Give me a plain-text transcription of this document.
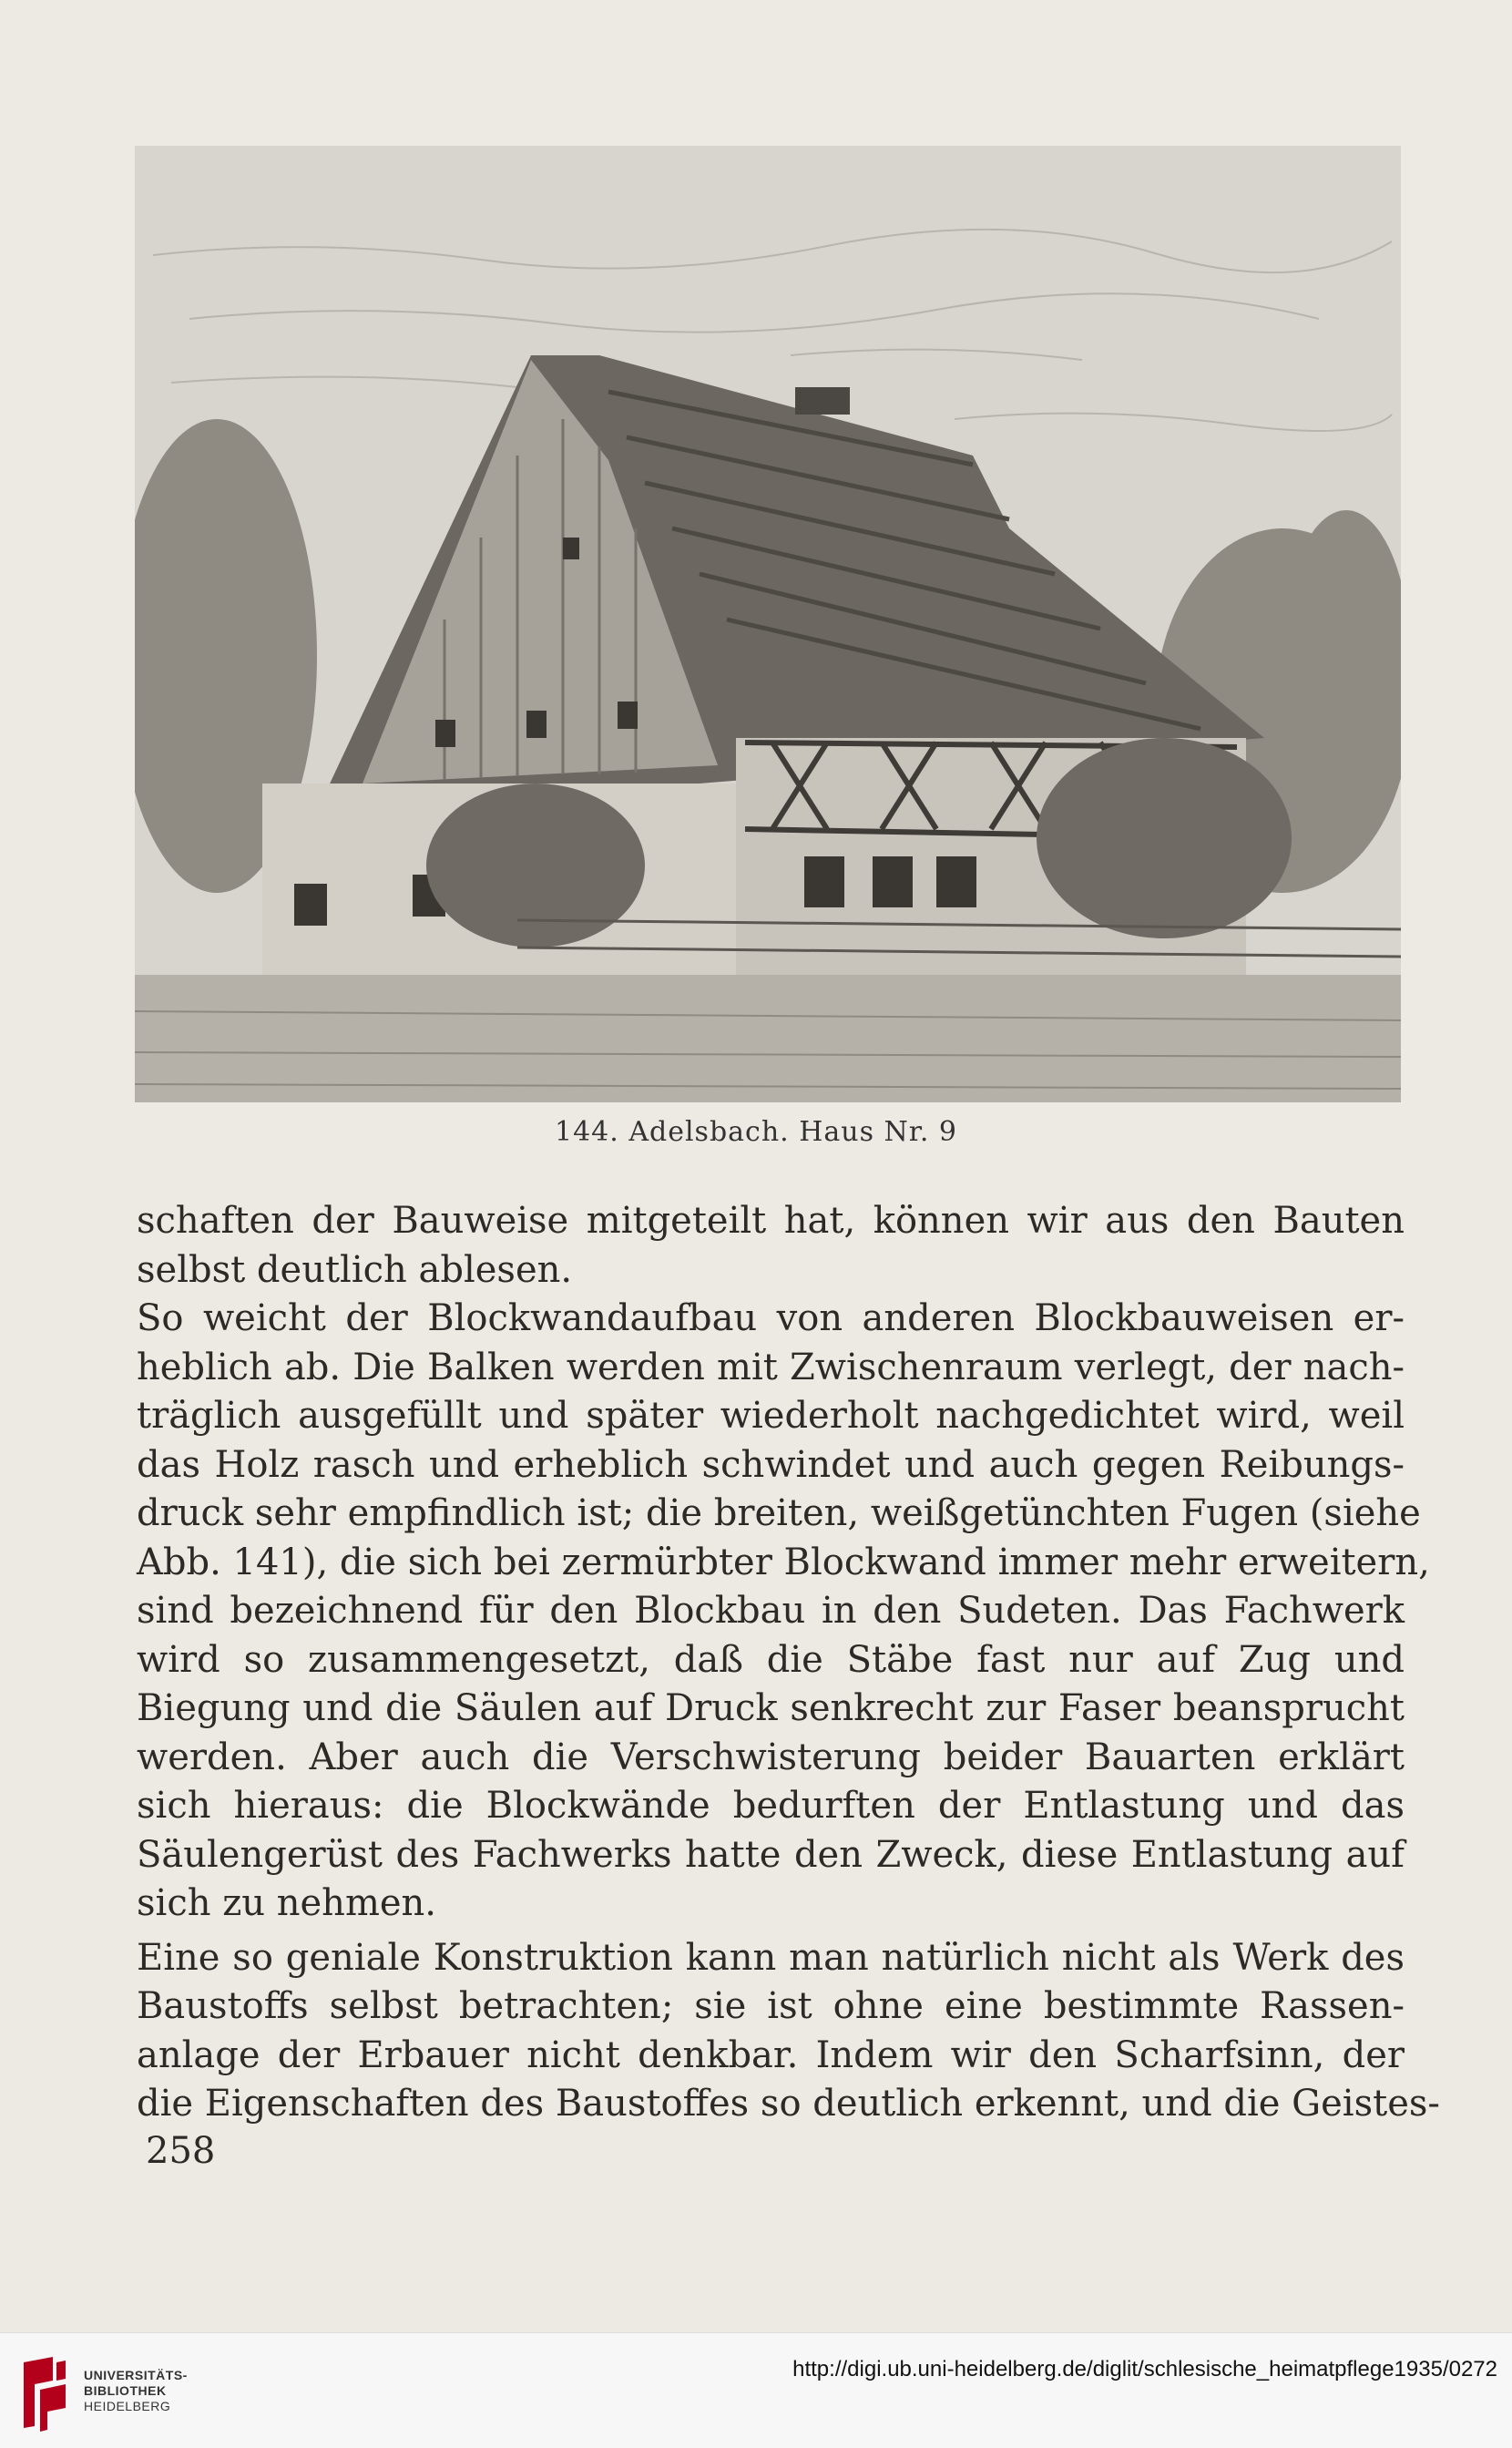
144. Adelsbach. Haus Nr. 9
schaften der Bauweise mitgeteilt hat, können wir aus den Bauten
selbst deutlich ablesen.
So weicht der Blockwandaufbau von anderen Blockbauweisen er-
heblich ab. Die Balken werden mit Zwischenraum verlegt, der nach-
träglich ausgefüllt und später wiederholt nachgedichtet wird, weil
das Holz rasch und erheblich schwindet und auch gegen Reibungs-
druck sehr empfindlich ist; die breiten, weißgetünchten Fugen (siehe
Abb. 141), die sich bei zermürbter Blockwand immer mehr erweitern,
sind bezeichnend für den Blockbau in den Sudeten. Das Fachwerk
wird so zusammengesetzt, daß die Stäbe fast nur auf Zug und
Biegung und die Säulen auf Druck senkrecht zur Faser beansprucht
werden. Aber auch die Verschwisterung beider Bauarten erklärt
sich hieraus: die Blockwände bedurften der Entlastung und das
Säulengerüst des Fachwerks hatte den Zweck, diese Entlastung auf
sich zu nehmen.
Eine so geniale Konstruktion kann man natürlich nicht als Werk des
Baustoffs selbst betrachten; sie ist ohne eine bestimmte Rassen-
anlage der Erbauer nicht denkbar. Indem wir den Scharfsinn, der
die Eigenschaften des Baustoffes so deutlich erkennt, und die Geistes-
258
UNIVERSITÄTS-
BIBLIOTHEK
HEIDELBERG
http://digi.ub.uni-heidelberg.de/diglit/schlesische_heimatpflege1935/0272
